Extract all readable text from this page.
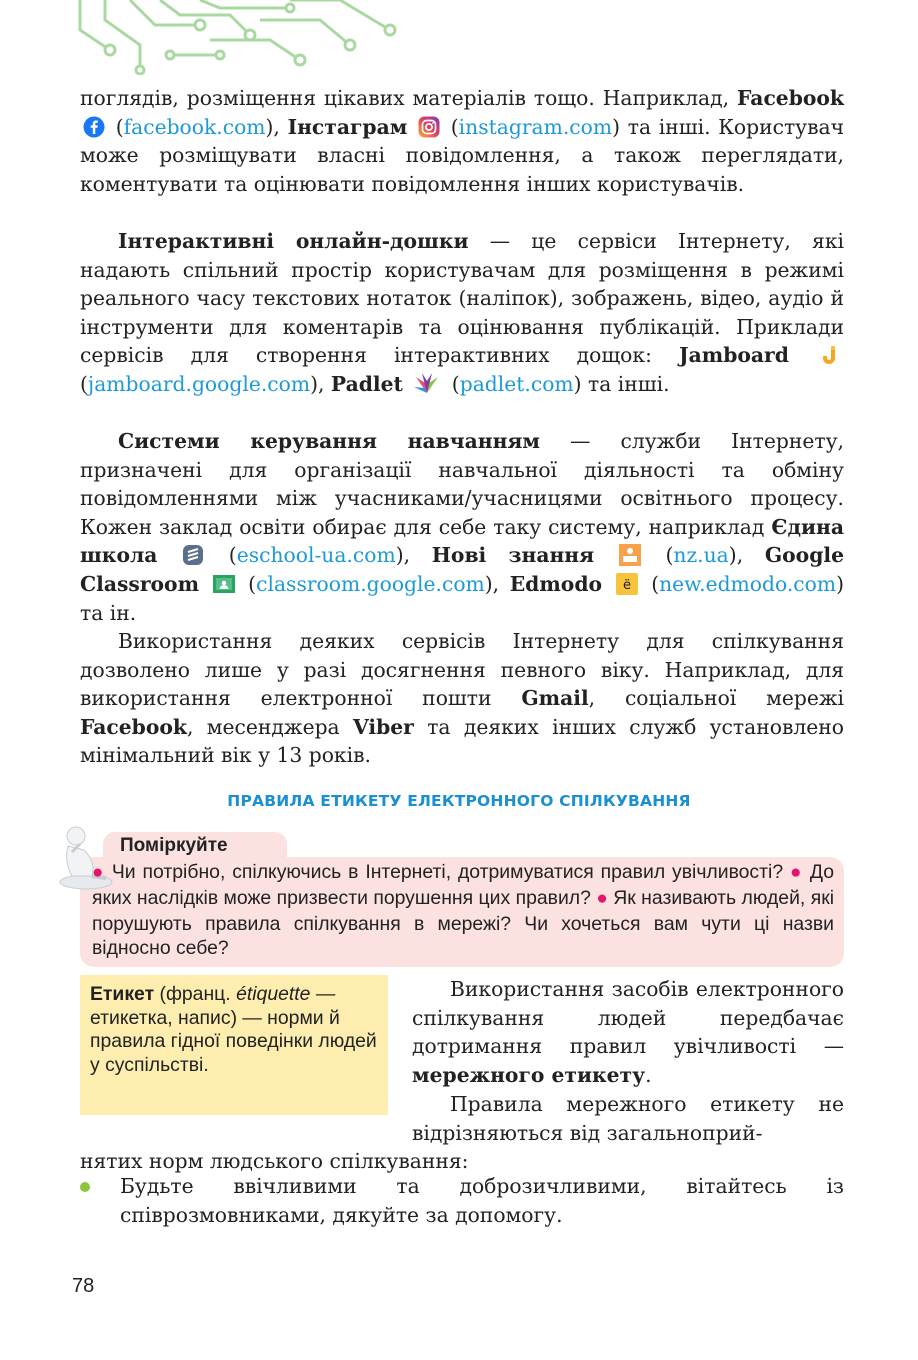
поглядів, розміщення цікавих матеріалів тощо. Наприклад, Facebook  (facebook.com), Інстаграм  (instagram.com) та інші. Користувач може розміщувати власні повідомлення, а також переглядати, коментувати та оцінювати повідомлення інших користувачів.

Інтерактивні онлайн-дошки — це сервіси Інтернету, які надають спільний простір користувачам для розміщення в режимі реального часу текстових нотаток (наліпок), зображень, відео, аудіо й інструменти для коментарів та оцінювання публікацій. Приклади сервісів для створення інтерактивних дощок: Jamboard  (jamboard.google.com), Padlet  (padlet.com) та інші.

Системи керування навчанням — служби Інтернету, призначені для організації навчальної діяльності та обміну повідомленнями між учасниками/учасницями освітнього процесу. Кожен заклад освіти обирає для себе таку систему, наприклад Єдина школа  (eschool-ua.com), Нові знання  (nz.ua), Google Classroom  (classroom.google.com), Edmodo ë (new.edmodo.com) та ін.

Використання деяких сервісів Інтернету для спілкування дозволено лише у разі досягнення певного віку. Наприклад, для використання електронної пошти Gmail, соціальної мережі Facebook, месенджера Viber та деяких інших служб установлено мінімальний вік у 13 років.

ПРАВИЛА ЕТИКЕТУ ЕЛЕКТРОННОГО СПІЛКУВАННЯ
Поміркуйте

● Чи потрібно, спілкуючись в Інтернеті, дотримуватися правил увічливості? ● До яких наслідків може призвести порушення цих правил? ● Як називають людей, які порушують правила спілкування в мережі? Чи хочеться вам чути ці назви відносно себе?

Етикет (франц. étiquette — етикетка, напис) — норми й правила гідної поведінки людей у суспільстві.

Використання засобів електронного спілкування людей передбачає дотримання правил увічливості — мережного етикету.

Правила мережного етикету не відрізняються від загальноприй-

нятих норм людського спілкування:

Будьте ввічливими та доброзичливими, вітайтесь із співрозмовниками, дякуйте за допомогу.

78
